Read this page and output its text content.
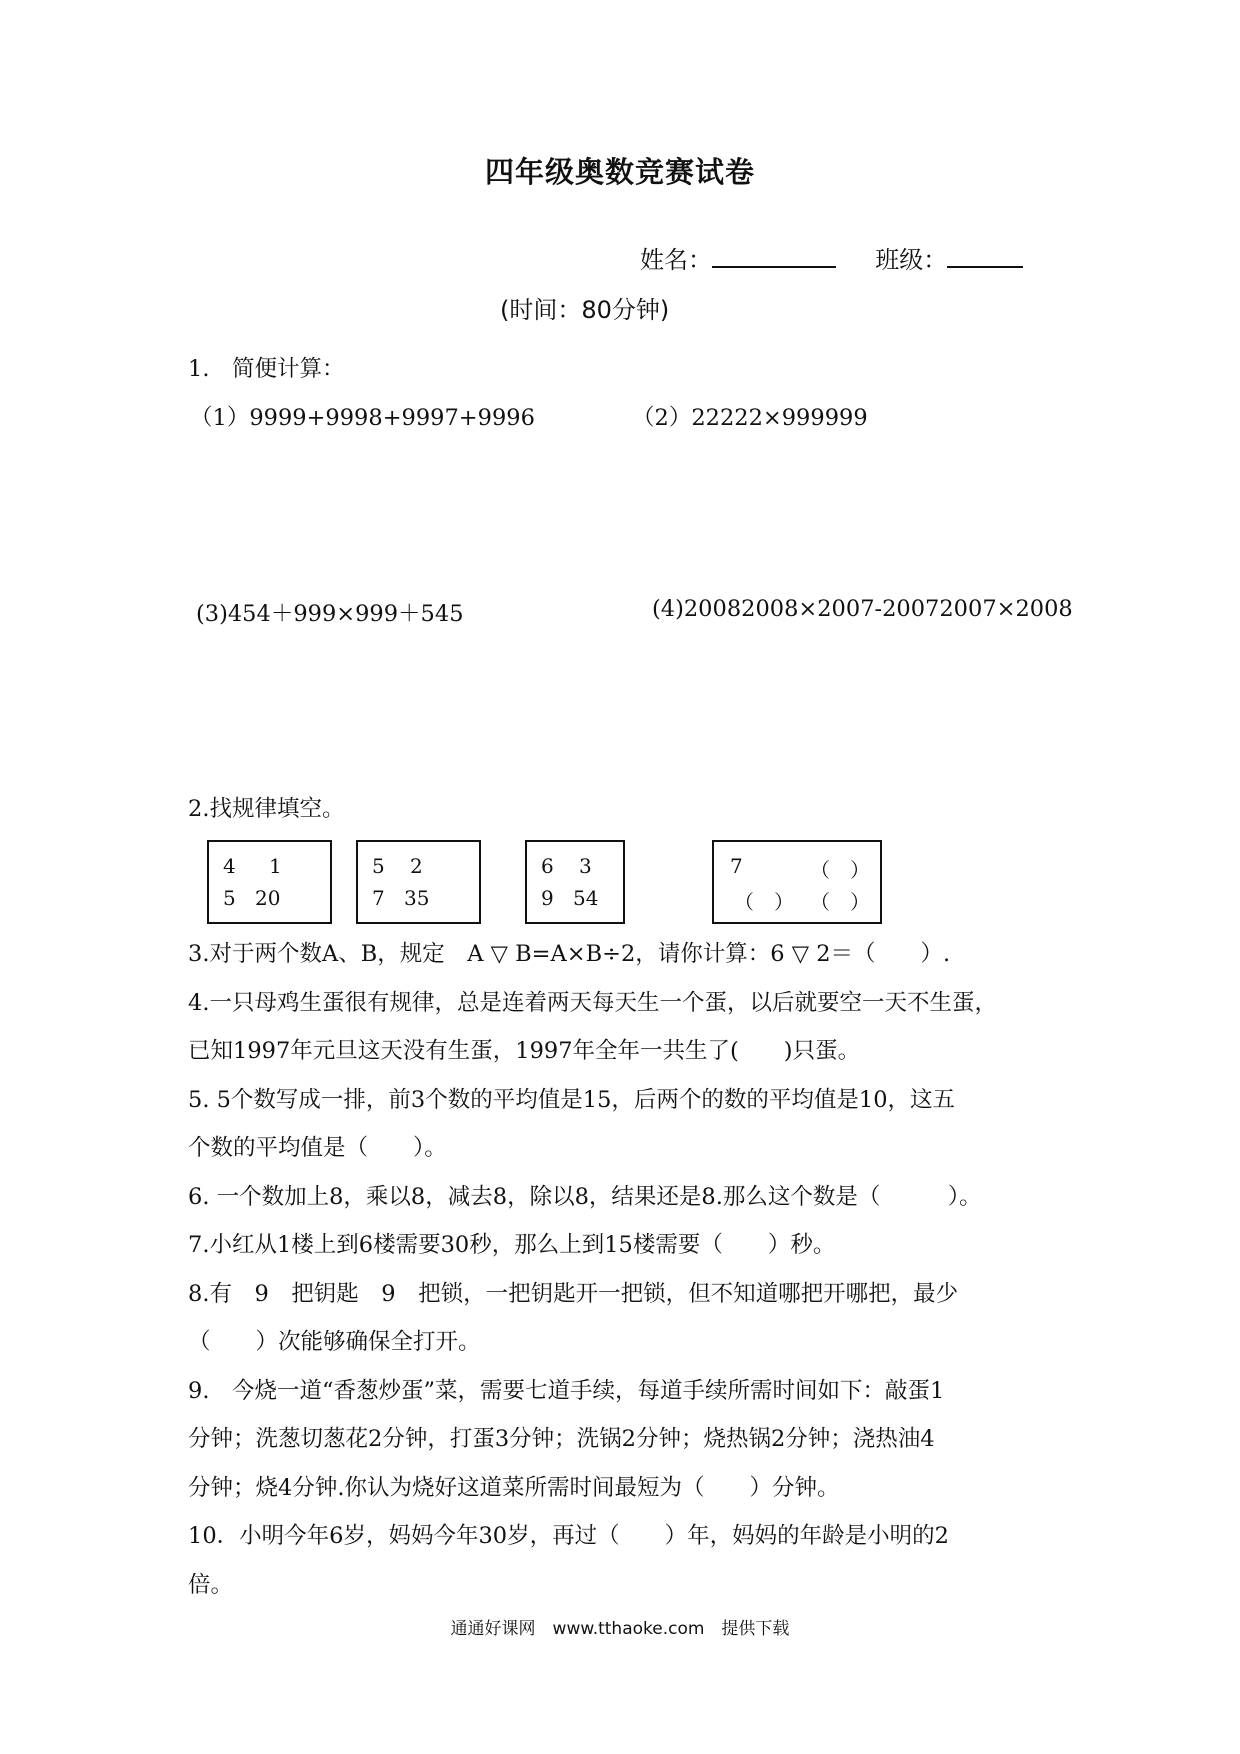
四年级奥数竞赛试卷
姓名：	班级：
(时间：80分钟)
1.　简便计算：
（1）9999+9998+9997+9996	（2）22222×999999
(3)454＋999×999＋545	(4)20082008×2007-20072007×2008
2.找规律填空。
4 1
5 20
5 2
7 35
6 3
9 54
7	（　）
（　） （　）
3.对于两个数A、B，规定　A ▽ B=A×B÷2，请你计算：6 ▽ 2＝（　　）.
4.一只母鸡生蛋很有规律，总是连着两天每天生一个蛋，以后就要空一天不生蛋，
已知1997年元旦这天没有生蛋，1997年全年一共生了(　　)只蛋。
5. 5个数写成一排，前3个数的平均值是15，后两个的数的平均值是10，这五
个数的平均值是（　　）。
6. 一个数加上8，乘以8，减去8，除以8，结果还是8.那么这个数是（　　　）。
7.小红从1楼上到6楼需要30秒，那么上到15楼需要（　　）秒。
8.有　9　把钥匙　9　把锁，一把钥匙开一把锁，但不知道哪把开哪把，最少
（　　）次能够确保全打开。
9.　今烧一道“香葱炒蛋”菜，需要七道手续，每道手续所需时间如下：敲蛋1
分钟；洗葱切葱花2分钟，打蛋3分钟；洗锅2分钟；烧热锅2分钟；浇热油4
分钟；烧4分钟.你认为烧好这道菜所需时间最短为（　　）分钟。
10．小明今年6岁，妈妈今年30岁，再过（　　）年，妈妈的年龄是小明的2
倍。
通通好课网　www.tthaoke.com　提供下载
